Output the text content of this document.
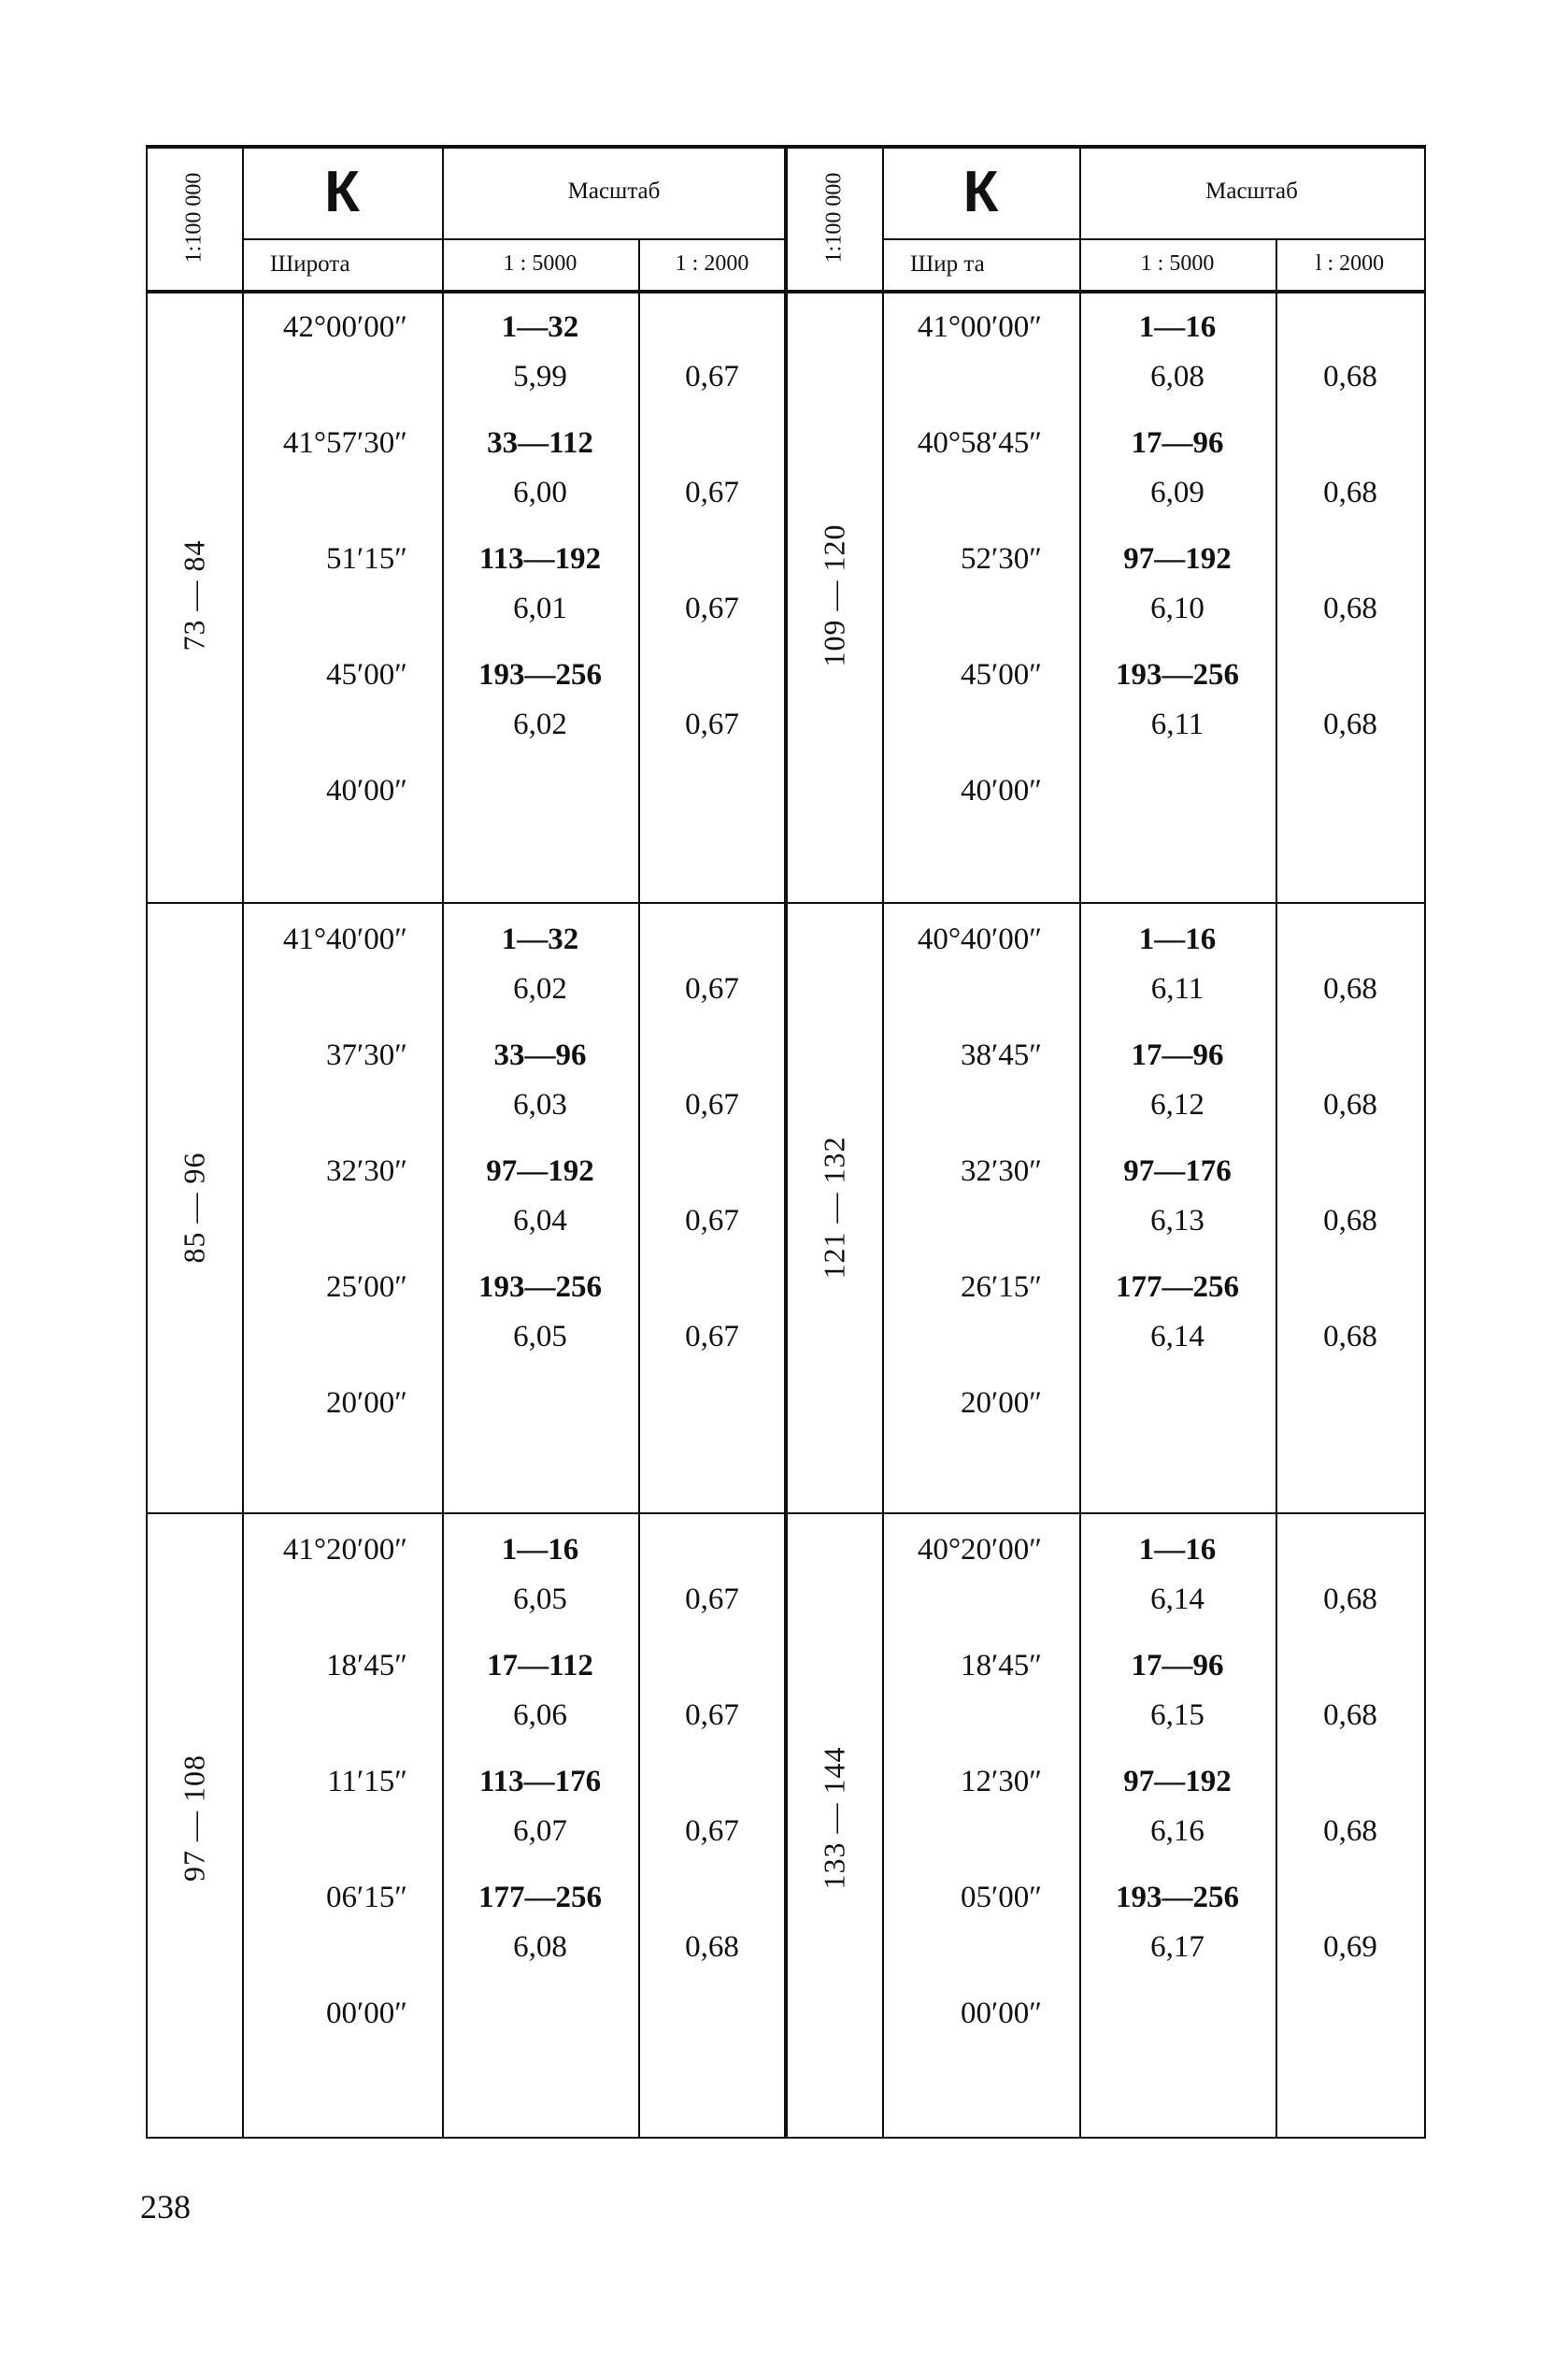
1:100 000	К	Масштаб
Широта	1 : 5000	1 : 2000
73 — 84
42°00′00″	1—32
5,99	0,67
41°57′30″	33—112
6,00	0,67
51′15″ 113—192
6,01	0,67
45′00″ 193—256
6,02	0,67
40′00″
85 — 96
41°40′00″	1—32
6,02	0,67
37′30″	33—96
6,03	0,67
32′30″	97—192
6,04	0,67
25′00″ 193—256
6,05	0,67
20′00″
97 — 108
41°20′00″	1—16
6,05	0,67
18′45″	17—112
6,06	0,67
11′15″ 113—176
6,07	0,67
06′15″ 177—256
6,08	0,68
00′00″
1:100 000	К	Масштаб
Шир та	1 : 5000	ӏ : 2000
109 — 120
41°00′00″	1—16
6,08	0,68
40°58′45″	17—96
6,09	0,68
52′30″	97—192
6,10	0,68
45′00″ 193—256
6,11	0,68
40′00″
121 — 132
40°40′00″	1—16
6,11	0,68
38′45″	17—96
6,12	0,68
32′30″	97—176
6,13	0,68
26′15″ 177—256
6,14	0,68
20′00″
133 — 144
40°20′00″	1—16
6,14	0,68
18′45″	17—96
6,15	0,68
12′30″	97—192
6,16	0,68
05′00″ 193—256
6,17	0,69
00′00″
238
